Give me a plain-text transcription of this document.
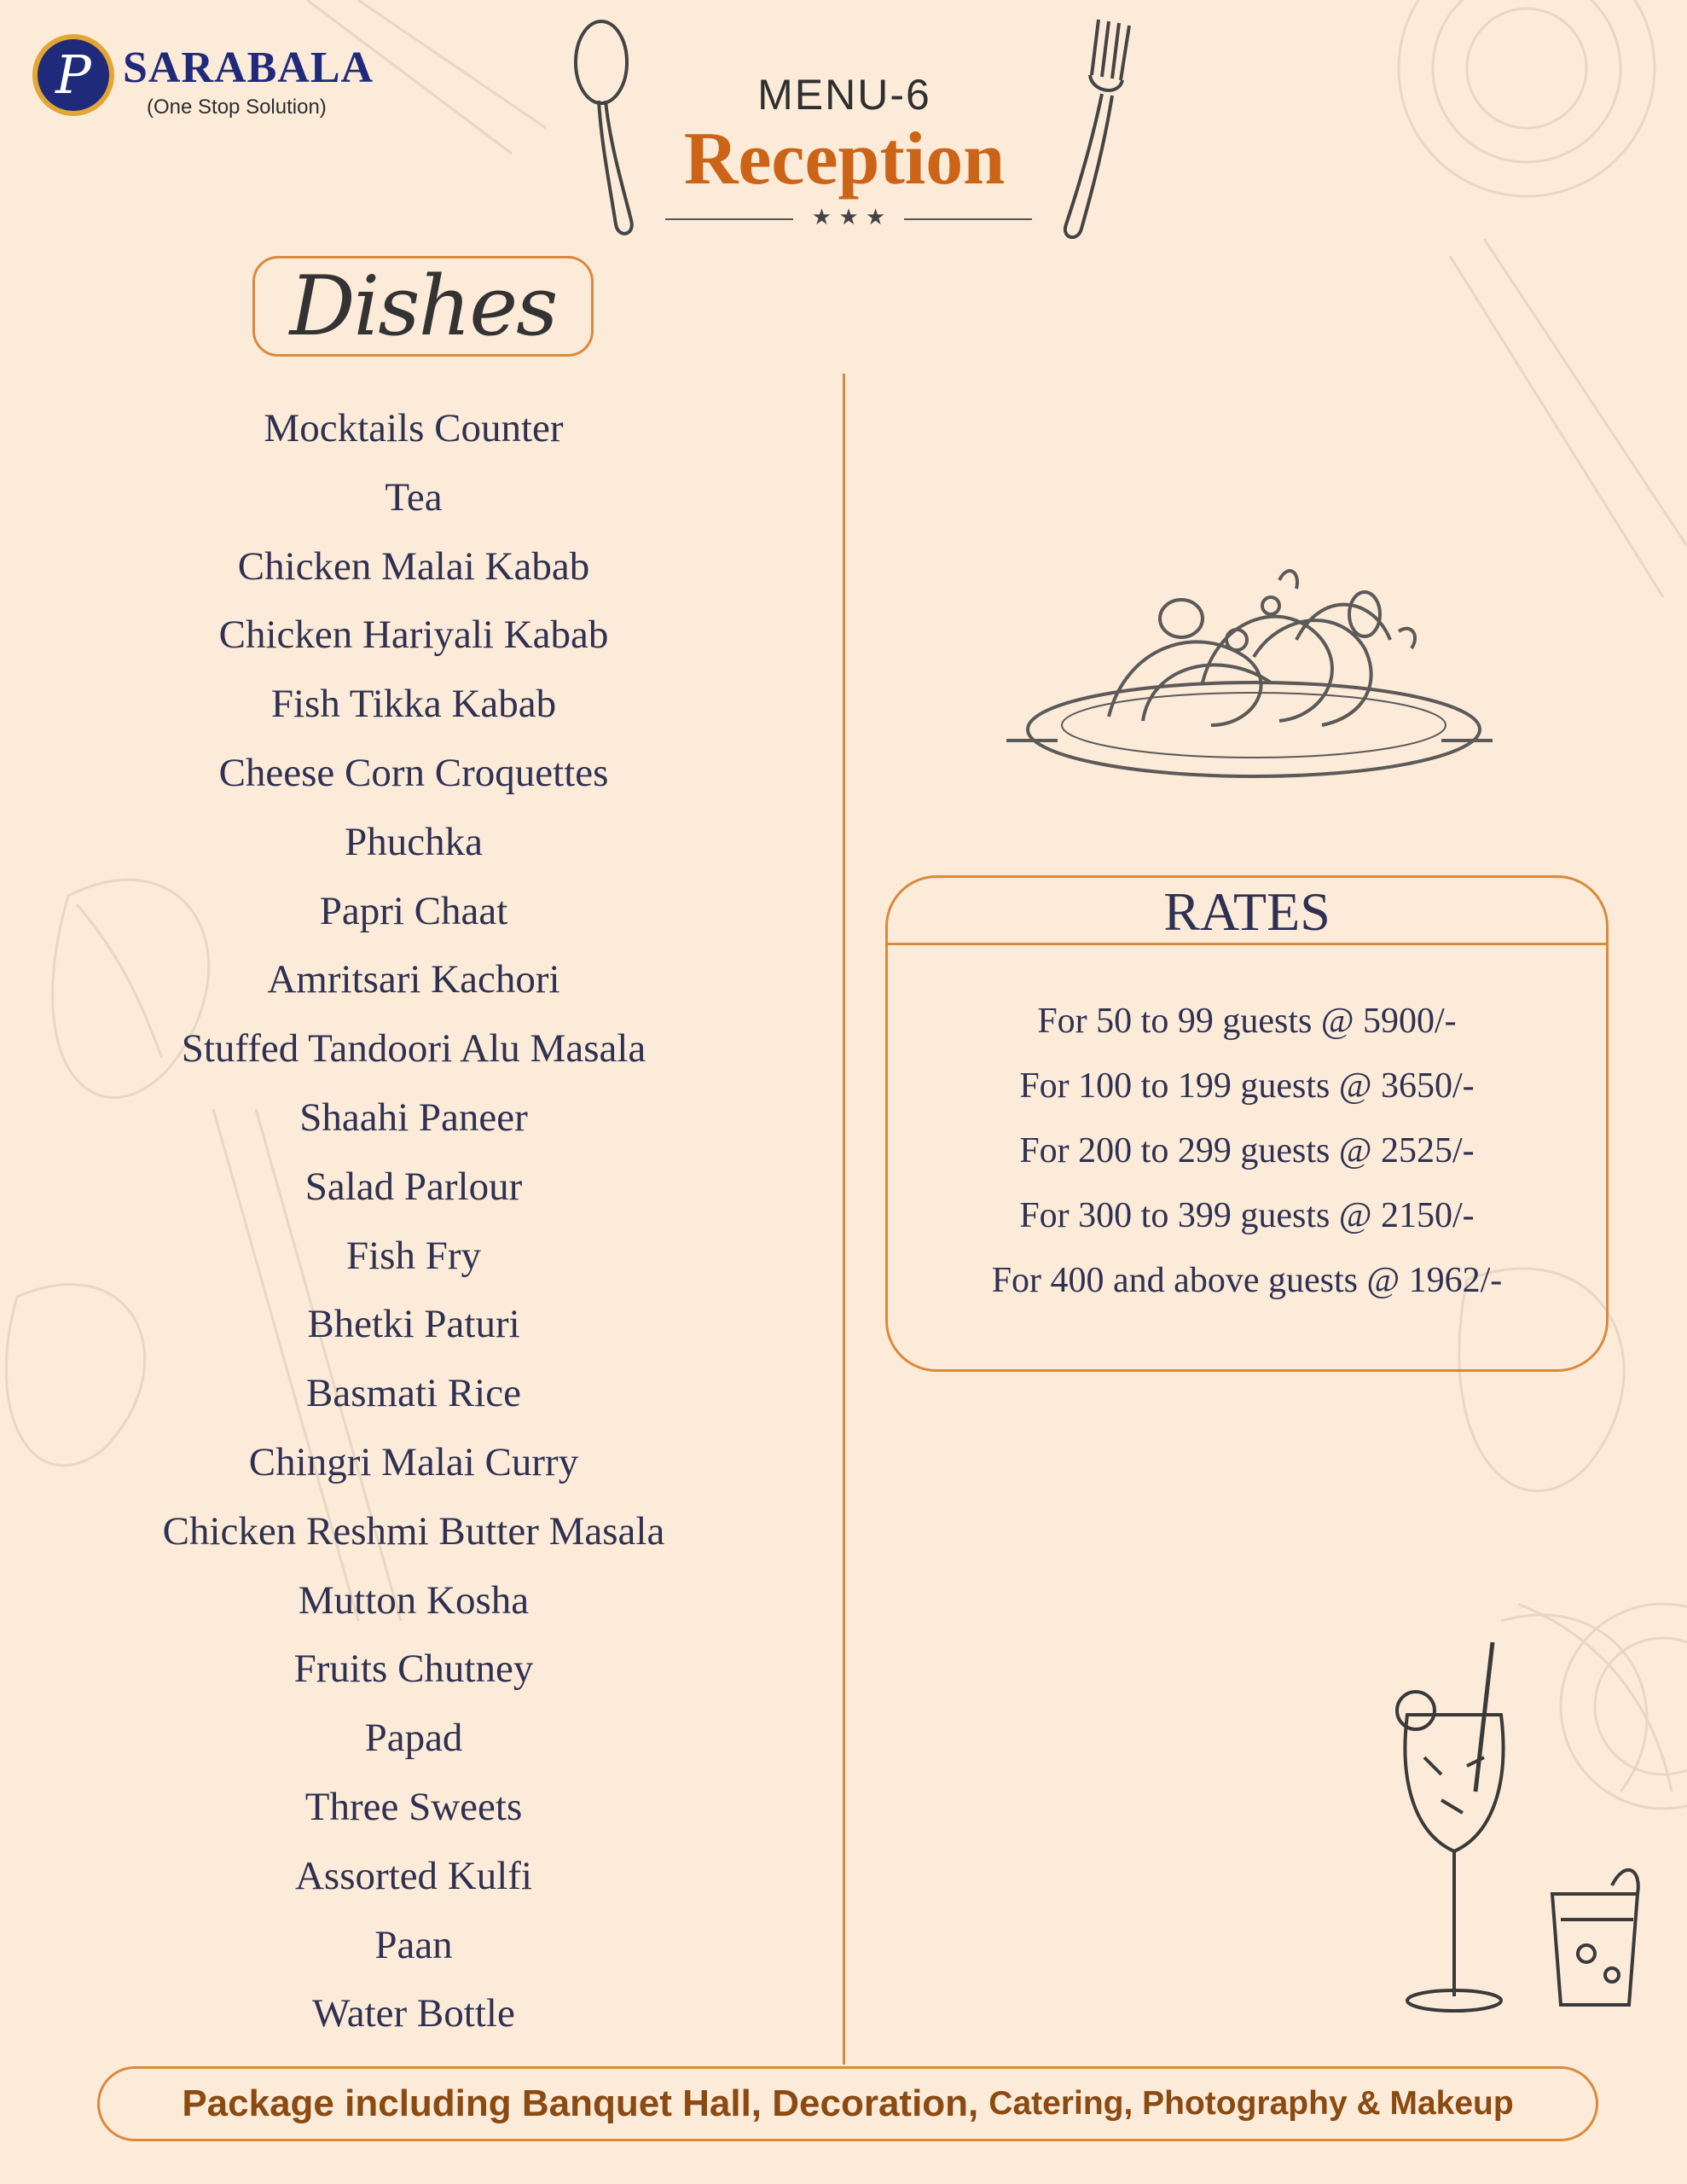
P SARABALA
(One Stop Solution)	MENU-6
Reception
★ ★ ★
Dishes
Mocktails Counter
Tea
Chicken Malai Kabab
Chicken Hariyali Kabab
Fish Tikka Kabab
Cheese Corn Croquettes
Phuchka
Papri Chaat
Amritsari Kachori
Stuffed Tandoori Alu Masala
Shaahi Paneer
Salad Parlour
Fish Fry
Bhetki Paturi
Basmati Rice
Chingri Malai Curry
Chicken Reshmi Butter Masala
Mutton Kosha
Fruits Chutney
Papad
Three Sweets
Assorted Kulfi
Paan
Water Bottle
RATES
For 50 to 99 guests @ 5900/-
For 100 to 199 guests @ 3650/-
For 200 to 299 guests @ 2525/-
For 300 to 399 guests @ 2150/-
For 400 and above guests @ 1962/-
Package including Banquet Hall, Decoration, Catering, Photography & Makeup
